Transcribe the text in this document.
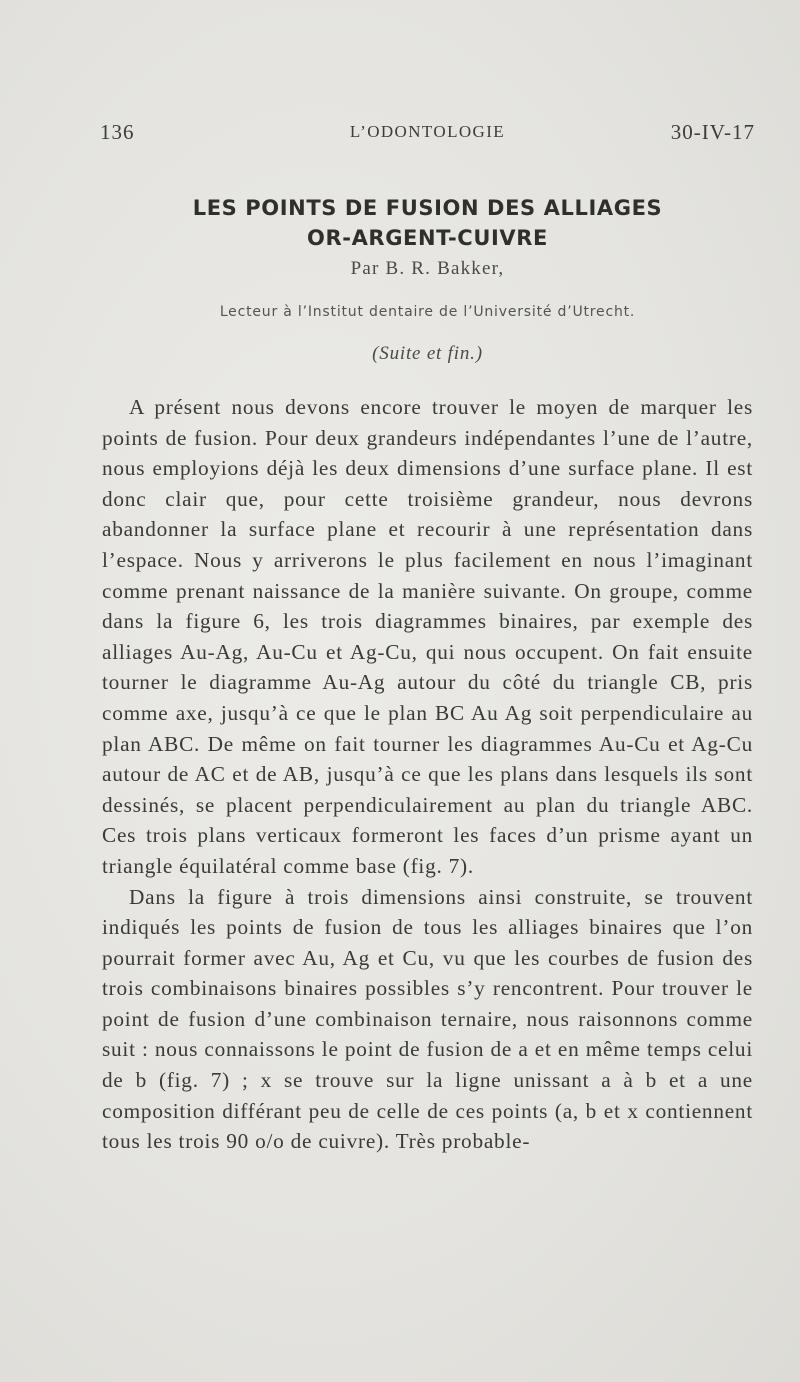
136	L’ODONTOLOGIE	30-IV-17
LES POINTS DE FUSION DES ALLIAGES
OR-ARGENT-CUIVRE
Par B. R. Bakker,
Lecteur à l’Institut dentaire de l’Université d’Utrecht.
(Suite et fin.)

A présent nous devons encore trouver le moyen de marquer les points de fusion. Pour deux grandeurs indépendantes l’une de l’autre, nous employions déjà les deux dimensions d’une surface plane. Il est donc clair que, pour cette troisième grandeur, nous devrons abandonner la surface plane et recourir à une représentation dans l’espace. Nous y arriverons le plus facilement en nous l’imaginant comme prenant naissance de la manière suivante. On groupe, comme dans la figure 6, les trois diagrammes binaires, par exemple des alliages Au-Ag, Au-Cu et Ag-Cu, qui nous occupent. On fait ensuite tourner le diagramme Au-Ag autour du côté du triangle CB, pris comme axe, jusqu’à ce que le plan BC Au Ag soit perpendiculaire au plan ABC. De même on fait tourner les diagrammes Au-Cu et Ag-Cu autour de AC et de AB, jusqu’à ce que les plans dans lesquels ils sont dessinés, se placent perpendiculairement au plan du triangle ABC. Ces trois plans verticaux formeront les faces d’un prisme ayant un triangle équilatéral comme base (fig. 7).

Dans la figure à trois dimensions ainsi construite, se trouvent indiqués les points de fusion de tous les alliages binaires que l’on pourrait former avec Au, Ag et Cu, vu que les courbes de fusion des trois combinaisons binaires possibles s’y rencontrent. Pour trouver le point de fusion d’une combinaison ternaire, nous raisonnons comme suit : nous connaissons le point de fusion de a et en même temps celui de b (fig. 7) ; x se trouve sur la ligne unissant a à b et a une composition différant peu de celle de ces points (a, b et x contiennent tous les trois 90 o/o de cuivre). Très probable-
